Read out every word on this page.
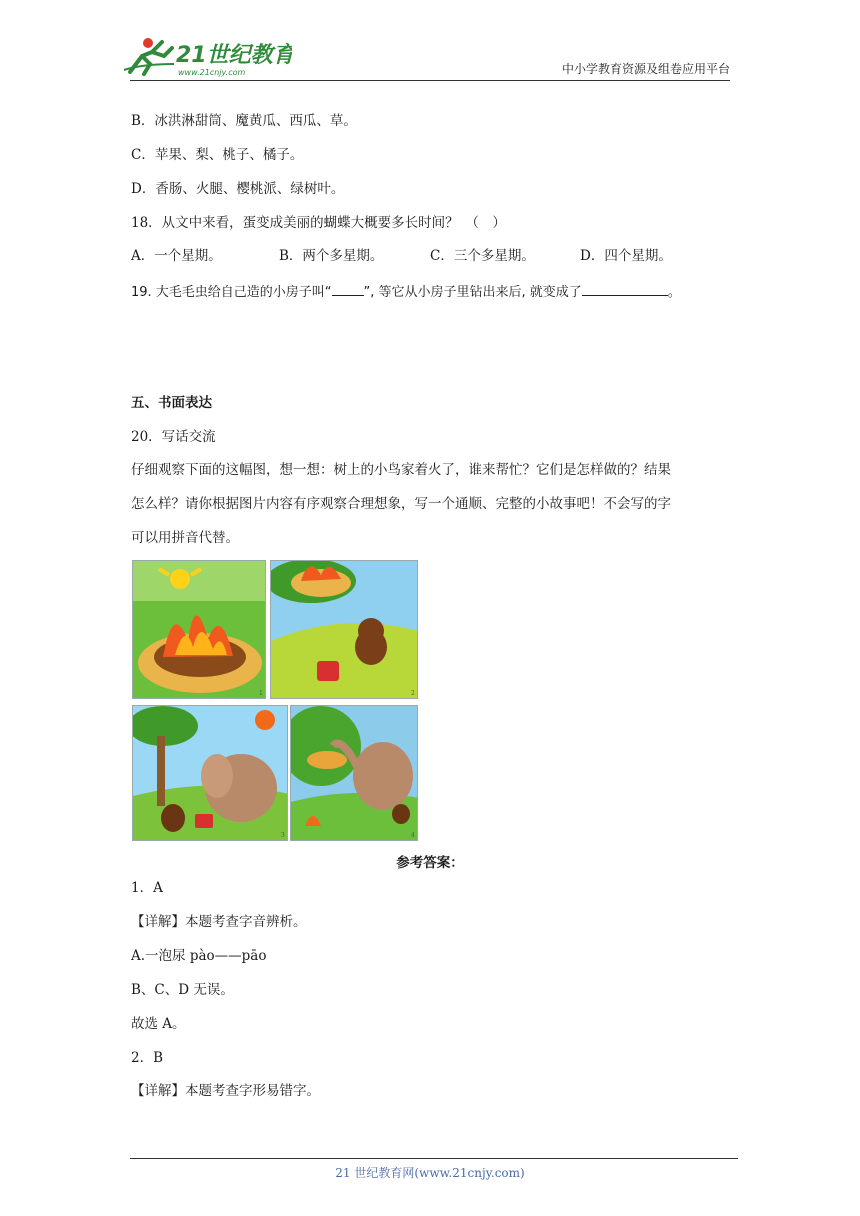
21世纪教育
www.21cnjy.com	中小学教育资源及组卷应用平台
B．冰洪淋甜筒、魔黄瓜、西瓜、草。
C．苹果、梨、桃子、橘子。
D．香肠、火腿、樱桃派、绿树叶。
18．从文中来看，蛋变成美丽的蝴蝶大概要多长时间？　（　）
A．一个星期。	B．两个多星期。	C．三个多星期。	D．四个星期。
19. 大毛毛虫给自己造的小房子叫“ ”, 等它从小房子里钻出来后, 就变成了	。
五、书面表达
20．写话交流
仔细观察下面的这幅图，想一想：树上的小鸟家着火了，谁来帮忙？它们是怎样做的？结果
怎么样？请你根据图片内容有序观察合理想象，写一个通顺、完整的小故事吧！不会写的字
可以用拼音代替。
1	2
3	4
参考答案：
1．A
【详解】本题考查字音辨析。
A.一泡尿 pào——pāo
B、C、D 无误。
故选 A。
2．B
【详解】本题考查字形易错字。
21 世纪教育网(www.21cnjy.com)
